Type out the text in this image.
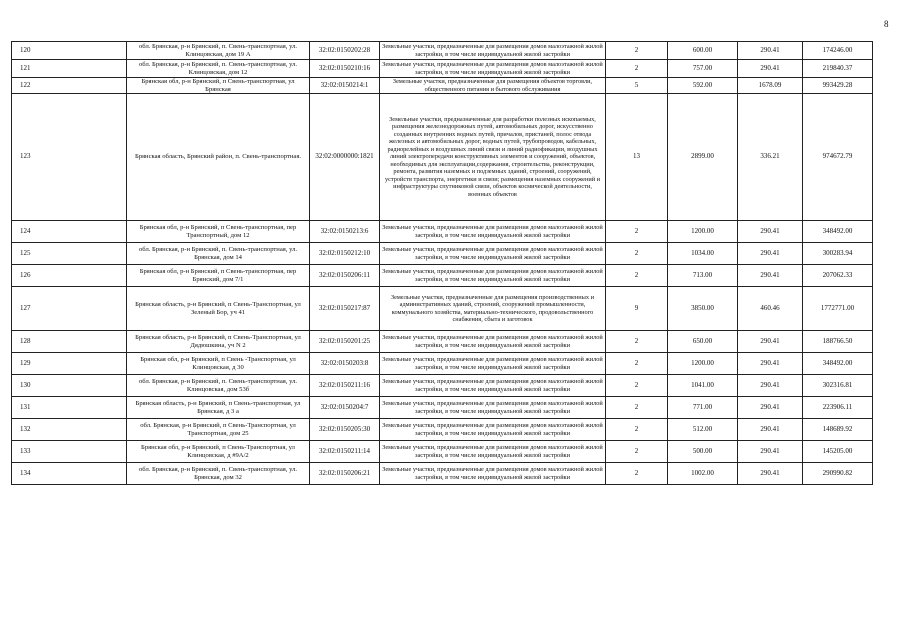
8
120	обл. Брянская, р-н Брянский, п. Свень-транспортная, ул. Клинцовская, дом 19 А	32:02:0150202:28	Земельные участки, предназначенные для размещения домов малоэтажной жилой застройки, в том числе индивидуальной жилой застройки	2	600.00	290.41	174246.00
121	обл. Брянская, р-н Брянский, п. Свень-транспортная, ул. Клинцовская, дом 12	32:02:0150210:16	Земельные участки, предназначенные для размещения домов малоэтажной жилой застройки, в том числе индивидуальной жилой застройки	2	757.00	290.41	219840.37
122	Брянская обл, р-н Брянский, п Свень-транспортная, ул Брянская	32:02:0150214:1	Земельные участки, предназначенные для размещения объектов торговли, общественного питания и бытового обслуживания	5	592.00	1678.09	993429.28
123	Брянская область, Брянский район, п. Свень-транспортная.	32:02:0000000:1821	Земельные участки, предназначенные для разработки полезных ископаемых, размещения железнодорожных путей, автомобильных дорог, искусственно созданных внутренних водных путей, причалов, пристаней, полос отвода железных и автомобильных дорог, водных путей, трубопроводов, кабельных, радиорелейных и воздушных линий связи и линий радиофикации, воздушных линий электропередачи конструктивных элементов и сооружений, объектов, необходимых для эксплуатации,содержания, строительства, реконструкции, ремонта, развития наземных и подземных зданий, строений, сооружений, устройств транспорта, энергетики и связи; размещения наземных сооружений и инфраструктуры спутниковой связи, объектов космической деятельности, военных объектов	13	2899.00	336.21	974672.79
124	Брянская обл, р-н Брянский, п Свень-транспортная, пер Транспортный, дом 12	32:02:0150213:6	Земельные участки, предназначенные для размещения домов малоэтажной жилой застройки, в том числе индивидуальной жилой застройки	2	1200.00	290.41	348492.00
125	обл. Брянская, р-н Брянский, п. Свень-транспортная, ул. Брянская, дом 14	32:02:0150212:10	Земельные участки, предназначенные для размещения домов малоэтажной жилой застройки, в том числе индивидуальной жилой застройки	2	1034.00	290.41	300283.94
126	Брянская обл, р-н Брянский, п Свень-транспортная, пер Брянский, дом 7/1	32:02:0150206:11	Земельные участки, предназначенные для размещения домов малоэтажной жилой застройки, в том числе индивидуальной жилой застройки	2	713.00	290.41	207062.33
127	Брянская область, р-н Брянский, п Свень-Транспортная, ул Зеленый Бор, уч 41	32:02:0150217:87	Земельные участки, предназначенные для размещения производственных и административных зданий, строений, сооружений промышленности, коммунального хозяйства, материально-технического, продовольственного снабжения, сбыта и заготовок	9	3850.00	460.46	1772771.00
128	Брянская область, р-н Брянский, п Свень-Транспортная, ул Дядюшкина, уч N 2	32:02:0150201:25	Земельные участки, предназначенные для размещения домов малоэтажной жилой застройки, в том числе индивидуальной жилой застройки	2	650.00	290.41	188766.50
129	Брянская обл, р-н Брянский, п Свень -Транспортная, ул Клинцовская, д 30	32:02:0150203:8	Земельные участки, предназначенные для размещения домов малоэтажной жилой застройки, в том числе индивидуальной жилой застройки	2	1200.00	290.41	348492.00
130	обл. Брянская, р-н Брянский, п. Свень-транспортная, ул. Клинцовская, дом 53б	32:02:0150211:16	Земельные участки, предназначенные для размещения домов малоэтажной жилой застройки, в том числе индивидуальной жилой застройки	2	1041.00	290.41	302316.81
131	Брянская область, р-н Брянский, п Свень-транспортная, ул Брянская, д 3 а	32:02:0150204:7	Земельные участки, предназначенные для размещения домов малоэтажной жилой застройки, в том числе индивидуальной жилой застройки	2	771.00	290.41	223906.11
132	обл. Брянская, р-н Брянский, п Свень-Транспортная, ул Транспортная, дом 25	32:02:0150205:30	Земельные участки, предназначенные для размещения домов малоэтажной жилой застройки, в том числе индивидуальной жилой застройки	2	512.00	290.41	148689.92
133	Брянская обл, р-н Брянский, п Свень-Транспортная, ул Клинцовская, д #9А/2	32:02:0150211:14	Земельные участки, предназначенные для размещения домов малоэтажной жилой застройки, в том числе индивидуальной жилой застройки	2	500.00	290.41	145205.00
134	обл. Брянская, р-н Брянский, п. Свень-транспортная, ул. Брянская, дом 32	32:02:0150206:21	Земельные участки, предназначенные для размещения домов малоэтажной жилой застройки, в том числе индивидуальной жилой застройки	2	1002.00	290.41	290990.82
